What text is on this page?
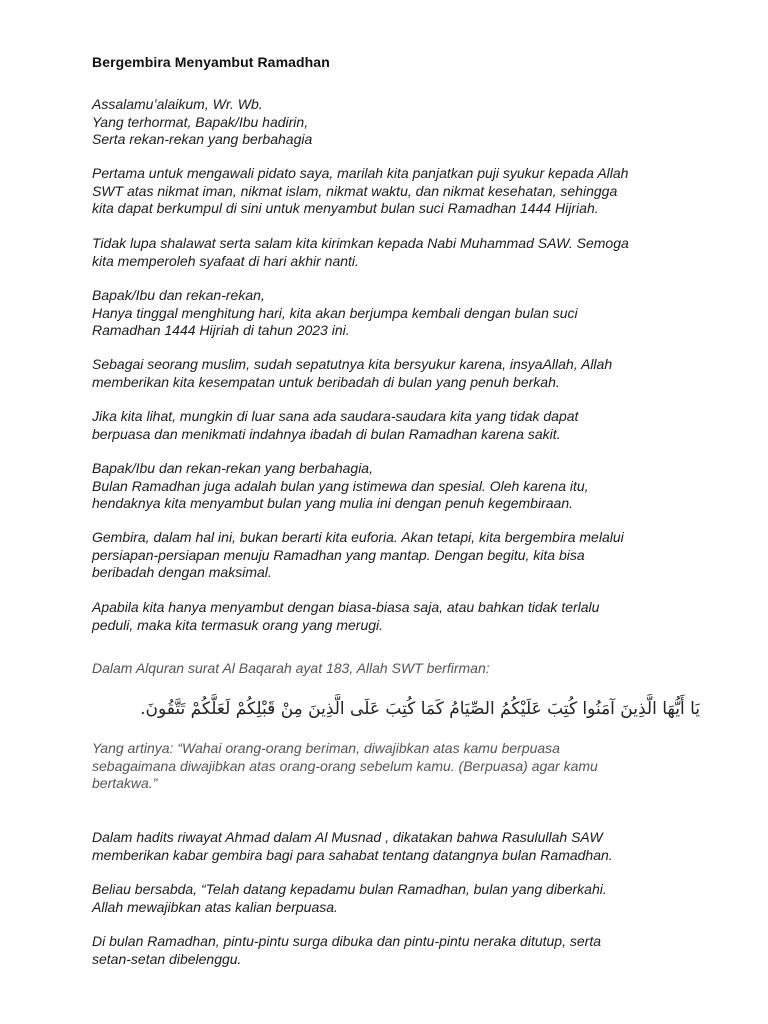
Bergembira Menyambut Ramadhan
Assalamu’alaikum, Wr. Wb.
Yang terhormat, Bapak/Ibu hadirin,
Serta rekan-rekan yang berbahagia
Pertama untuk mengawali pidato saya, marilah kita panjatkan puji syukur kepada Allah
SWT atas nikmat iman, nikmat islam, nikmat waktu, dan nikmat kesehatan, sehingga
kita dapat berkumpul di sini untuk menyambut bulan suci Ramadhan 1444 Hijriah.
Tidak lupa shalawat serta salam kita kirimkan kepada Nabi Muhammad SAW. Semoga
kita memperoleh syafaat di hari akhir nanti.
Bapak/Ibu dan rekan-rekan,
Hanya tinggal menghitung hari, kita akan berjumpa kembali dengan bulan suci
Ramadhan 1444 Hijriah di tahun 2023 ini.
Sebagai seorang muslim, sudah sepatutnya kita bersyukur karena, insyaAllah, Allah
memberikan kita kesempatan untuk beribadah di bulan yang penuh berkah.
Jika kita lihat, mungkin di luar sana ada saudara-saudara kita yang tidak dapat
berpuasa dan menikmati indahnya ibadah di bulan Ramadhan karena sakit.
Bapak/Ibu dan rekan-rekan yang berbahagia,
Bulan Ramadhan juga adalah bulan yang istimewa dan spesial. Oleh karena itu,
hendaknya kita menyambut bulan yang mulia ini dengan penuh kegembiraan.
Gembira, dalam hal ini, bukan berarti kita euforia. Akan tetapi, kita bergembira melalui
persiapan-persiapan menuju Ramadhan yang mantap. Dengan begitu, kita bisa
beribadah dengan maksimal.
Apabila kita hanya menyambut dengan biasa-biasa saja, atau bahkan tidak terlalu
peduli, maka kita termasuk orang yang merugi.
Dalam Alquran surat Al Baqarah ayat 183, Allah SWT berfirman:
يَا أَيُّهَا الَّذِينَ آمَنُوا كُتِبَ عَلَيْكُمُ الصِّيَامُ كَمَا كُتِبَ عَلَى الَّذِينَ مِنْ قَبْلِكُمْ لَعَلَّكُمْ تَتَّقُونَ.
Yang artinya: “Wahai orang-orang beriman, diwajibkan atas kamu berpuasa
sebagaimana diwajibkan atas orang-orang sebelum kamu. (Berpuasa) agar kamu
bertakwa.”
Dalam hadits riwayat Ahmad dalam Al Musnad , dikatakan bahwa Rasulullah SAW
memberikan kabar gembira bagi para sahabat tentang datangnya bulan Ramadhan.
Beliau bersabda, “Telah datang kepadamu bulan Ramadhan, bulan yang diberkahi.
Allah mewajibkan atas kalian berpuasa.
Di bulan Ramadhan, pintu-pintu surga dibuka dan pintu-pintu neraka ditutup, serta
setan-setan dibelenggu.
